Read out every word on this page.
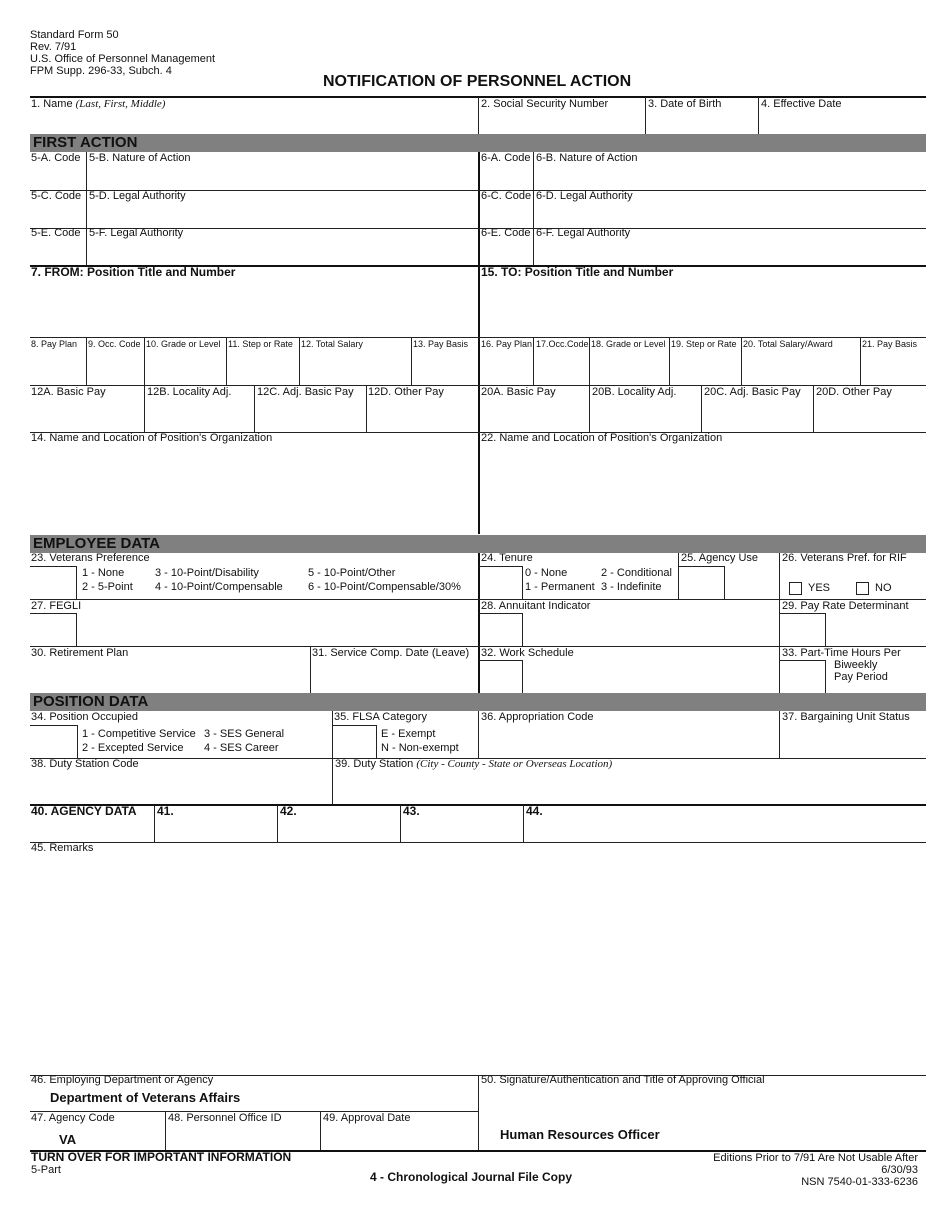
Standard Form 50
Rev. 7/91
U.S. Office of Personnel Management
FPM Supp. 296-33, Subch. 4
NOTIFICATION OF PERSONNEL ACTION
1. Name (Last, First, Middle)	2. Social Security Number	3. Date of Birth	4. Effective Date
FIRST ACTION
5-A. Code 5-B. Nature of Action	6-A. Code 6-B. Nature of Action
5-C. Code 5-D. Legal Authority	6-C. Code 6-D. Legal Authority
5-E. Code 5-F. Legal Authority	6-E. Code 6-F. Legal Authority
7. FROM: Position Title and Number	15. TO: Position Title and Number
8. Pay Plan 9. Occ. Code 10. Grade or Level 11. Step or Rate 12. Total Salary	13. Pay Basis 16. Pay Plan 17.Occ.Code 18. Grade or Level 19. Step or Rate 20. Total Salary/Award	21. Pay Basis
12A. Basic Pay	12B. Locality Adj. 12C. Adj. Basic Pay 12D. Other Pay	20A. Basic Pay	20B. Locality Adj.	20C. Adj. Basic Pay 20D. Other Pay
14. Name and Location of Position's Organization	22. Name and Location of Position's Organization
EMPLOYEE DATA
23. Veterans Preference
1 - None
2 - 5-Point
3 - 10-Point/Disability
4 - 10-Point/Compensable
5 - 10-Point/Other
6 - 10-Point/Compensable/30%
24. Tenure
0 - None
1 - Permanent
2 - Conditional
3 - Indefinite
25. Agency Use 26. Veterans Pref. for RIF
YES	NO
27. FEGLI	28. Annuitant Indicator	29. Pay Rate Determinant
30. Retirement Plan	31. Service Comp. Date (Leave) 32. Work Schedule	33. Part-Time Hours Per
Biweekly
Pay Period
POSITION DATA
34. Position Occupied
1 - Competitive Service
2 - Excepted Service
3 - SES General
4 - SES Career
35. FLSA Category
E - Exempt
N - Non-exempt
36. Appropriation Code	37. Bargaining Unit Status
38. Duty Station Code	39. Duty Station (City - County - State or Overseas Location)
40. AGENCY DATA 41.	42.	43.	44.
45. Remarks
46. Employing Department or Agency
Department of Veterans Affairs
50. Signature/Authentication and Title of Approving Official
Human Resources Officer
47. Agency Code
VA
48. Personnel Office ID	49. Approval Date
TURN OVER FOR IMPORTANT INFORMATION
5-Part	4 - Chronological Journal File Copy
Editions Prior to 7/91 Are Not Usable After
6/30/93
NSN 7540-01-333-6236
